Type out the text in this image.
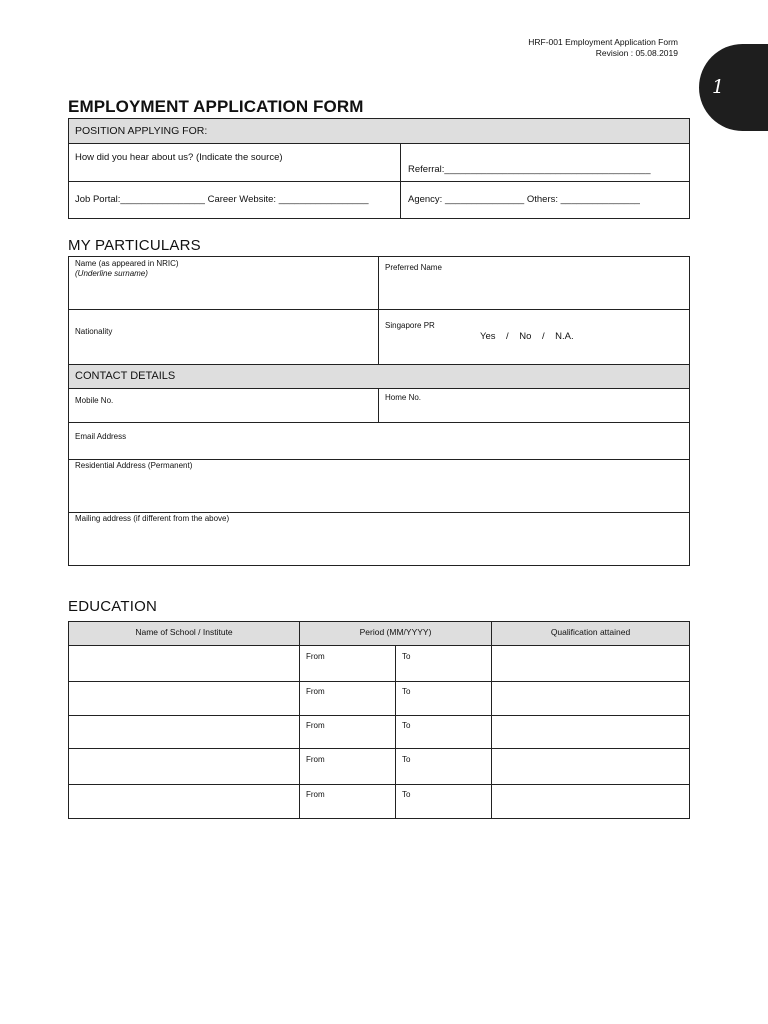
HRF-001 Employment Application Form
Revision : 05.08.2019
1
EMPLOYMENT APPLICATION FORM
POSITION APPLYING FOR:	

How did you hear about us? (Indicate the source)	Referral:_______________________________________

Job Portal:________________ Career Website: _________________	Agency: _______________ Others: _______________
MY PARTICULARS
Name (as appeared in NRIC)
(Underline surname)	Preferred Name

Nationality	Singapore PR
Yes    /    No    /    N.A.

CONTACT DETAILS	

Mobile No.	Home No.

Email Address	

Residential Address (Permanent)	

Mailing address (if different from the above)	
EDUCATION
Name of School / Institute	Period (MM/YYYY)		Qualification attained

	From	To	

	From	To	

	From	To	

	From	To	

	From	To	
